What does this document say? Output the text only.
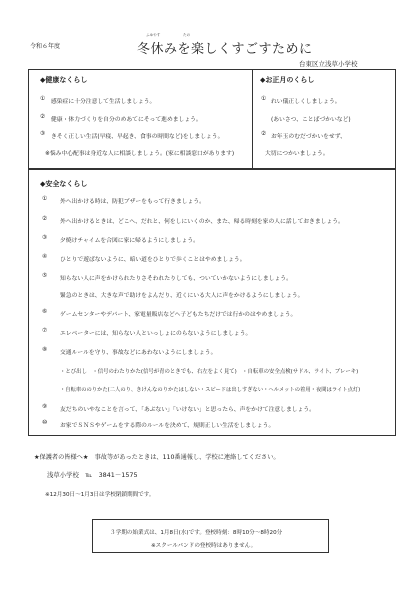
令和６年度
ふゆやす	たの
冬休みを楽しくすごすために
台東区立浅草小学校
◆健康なくらし
① 感染症に十分注意して生活しましょう。
② 健康・体力づくりを自分のめあてにそって進めましょう。
③ きそく正しい生活(早寝、早起き、食事の時間など)をしましょう。
※悩み中心配事は身近な人に相談しましょう。(家に相談窓口があります)
◆お正月のくらし
① れい儀正しくしましょう。
(あいさつ、ことばづかいなど)
② お年玉のむだづかいをせず、
大切につかいましょう。
◆安全なくらし
① 外へ出かける時は、防犯ブザーをもって行きましょう。
② 外へ出かけるときは、どこへ、だれと、何をしにいくのか、また、帰る時刻を家の人に話しておきましょう。
③ 夕焼けチャイムを合図に家に帰るようにしましょう。
④ ひとりで遊ばないように、暗い道をひとりで歩くことはやめましょう。
⑤ 知らない人に声をかけられたりさそわれたりしても、ついていかないようにしましょう。
緊急のときは、大きな声で助けをよんだり、近くにいる大人に声をかけるようにしましょう。
⑥ ゲームセンターやデパート、家電量販店などへ子どもたちだけでは行かのはやめましょう。
⑦ エレベーターには、知らない人といっしょにのらないようにしましょう。
⑧ 交通ルールを守り、事故などにあわないようにしましょう。
・とび出し　・信号のわたりかた(信号が青のときでも、右左をよく見て)　・自転車の安全点検(サドル、ライト、ブレーキ)
・自転車ののりかた(二人のり、きけんなのりかたはしない・スピードは出しすぎない・ヘルメットの着用・夜間はライト点灯)
⑨ 友だちのいやなことを言って、「あぶない」「いけない」と思ったら、声をかけて注意しましょう。
⑩ お家でＳＮＳやゲームをする際のルールを決めて、規則正しい生活をしましょう。
★保護者の皆様へ★　事故等があったときは、110番通報し、学校に連絡してください。
浅草小学校　℡　3841－1575
※12月30日～1月3日は学校閉鎖期間です。
３学期の始業式は、1月8日(水)です。登校時刻：8時10分～8時20分
※スクールバンドの登校時はありません。
